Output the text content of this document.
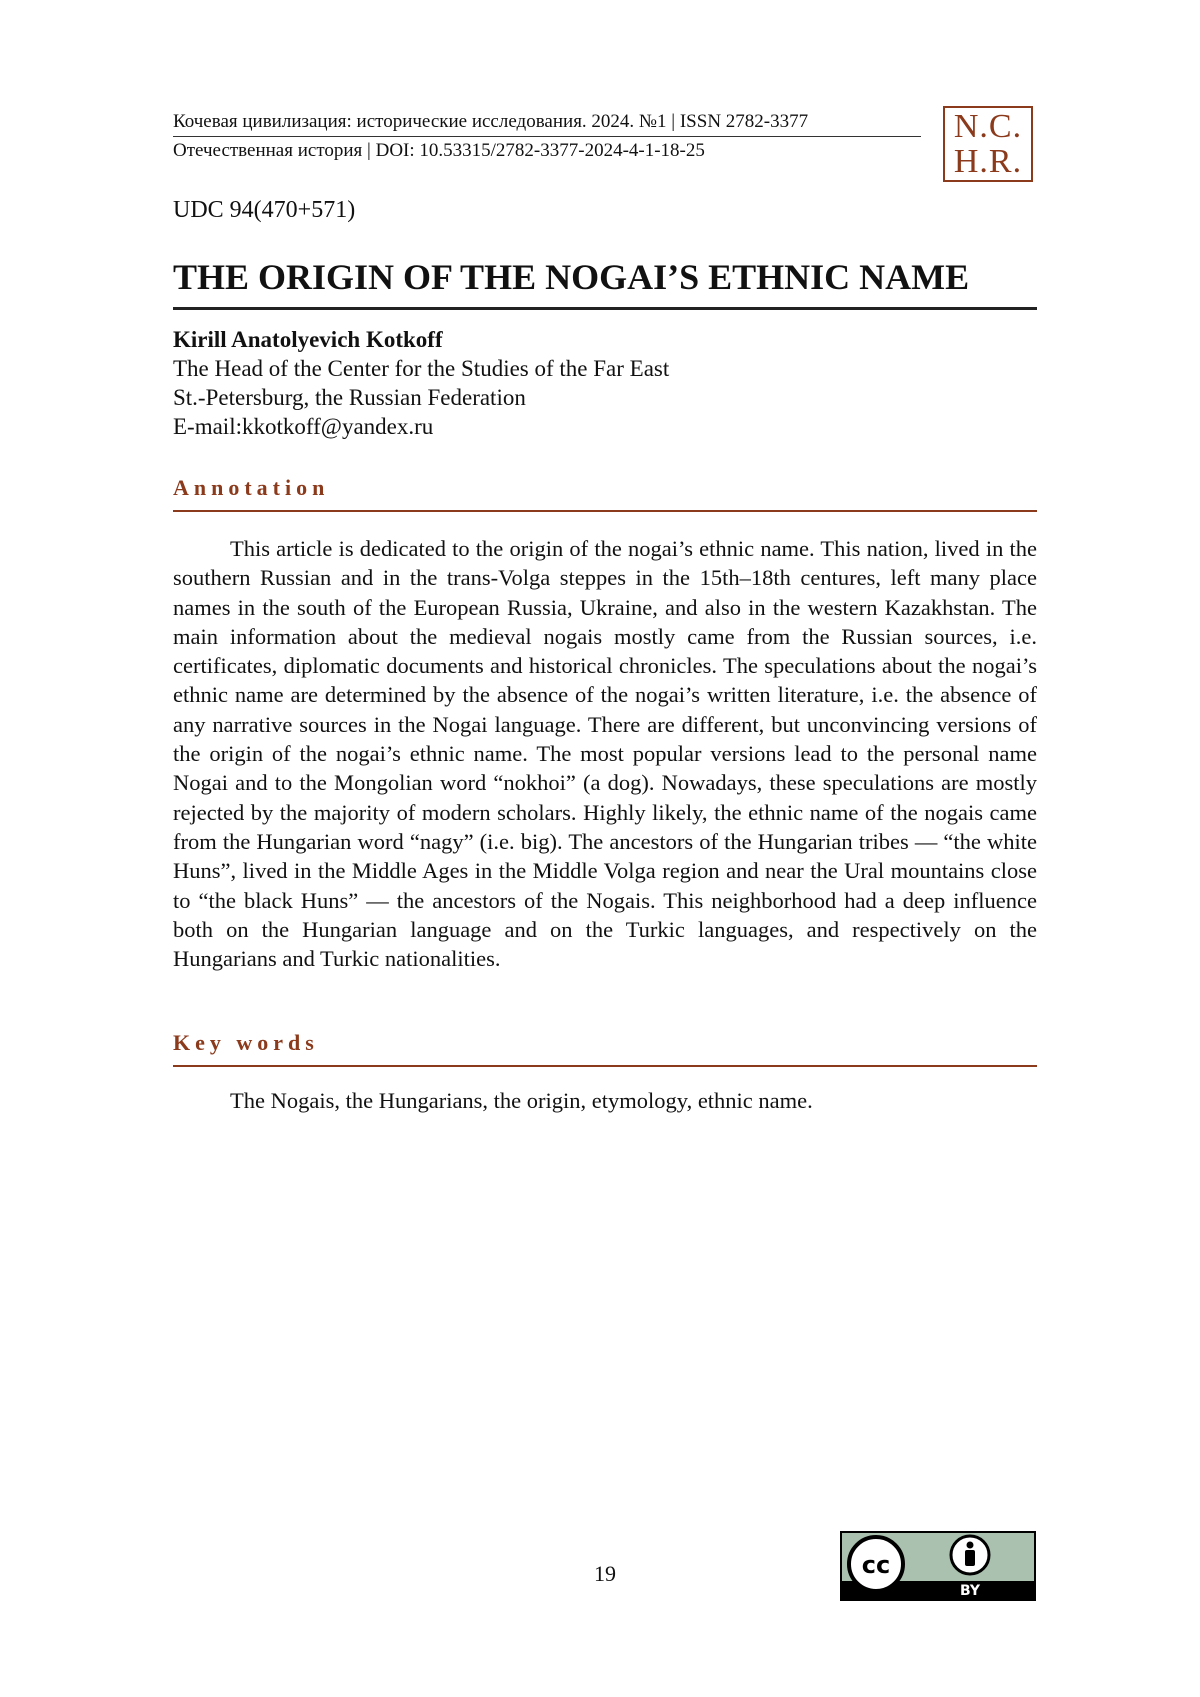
Кочевая цивилизация: исторические исследования. 2024. №1 | ISSN 2782-3377
Отечественная история | DOI: 10.53315/2782-3377-2024-4-1-18-25
N.C.
H.R.
UDC 94(470+571)
THE ORIGIN OF THE NOGAI’S ETHNIC NAME
Kirill Anatolyevich Kotkoff
The Head of the Center for the Studies of the Far East
St.-Petersburg, the Russian Federation
E-mail:kkotkoff@yandex.ru
Annotation

This article is dedicated to the origin of the nogai’s ethnic name. This nation, lived in the southern Russian and in the trans-Volga steppes in the 15th–18th centures, left many place names in the south of the European Russia, Ukraine, and also in the western Kazakhstan. The main information about the medieval nogais mostly came from the Russian sources, i.e. certificates, diplomatic documents and historical chronicles. The speculations about the nogai’s ethnic name are determined by the absence of the nogai’s written literature, i.e. the absence of any narrative sources in the Nogai language. There are different, but unconvincing versions of the origin of the nogai’s ethnic name. The most popular versions lead to the personal name Nogai and to the Mongolian word “nokhoi” (a dog). Nowadays, these speculations are mostly rejected by the majority of modern scholars. Highly likely, the ethnic name of the nogais came from the Hungarian word “nagy” (i.e. big). The ancestors of the Hungarian tribes — “the white Huns”, lived in the Middle Ages in the Middle Volga region and near the Ural mountains close to “the black Huns” — the ancestors of the Nogais. This neighborhood had a deep influence both on the Hungarian language and on the Turkic languages, and respectively on the Hungarians and Turkic nationalities.

Key words
The Nogais, the Hungarians, the origin, etymology, ethnic name.
19	cc
BY
